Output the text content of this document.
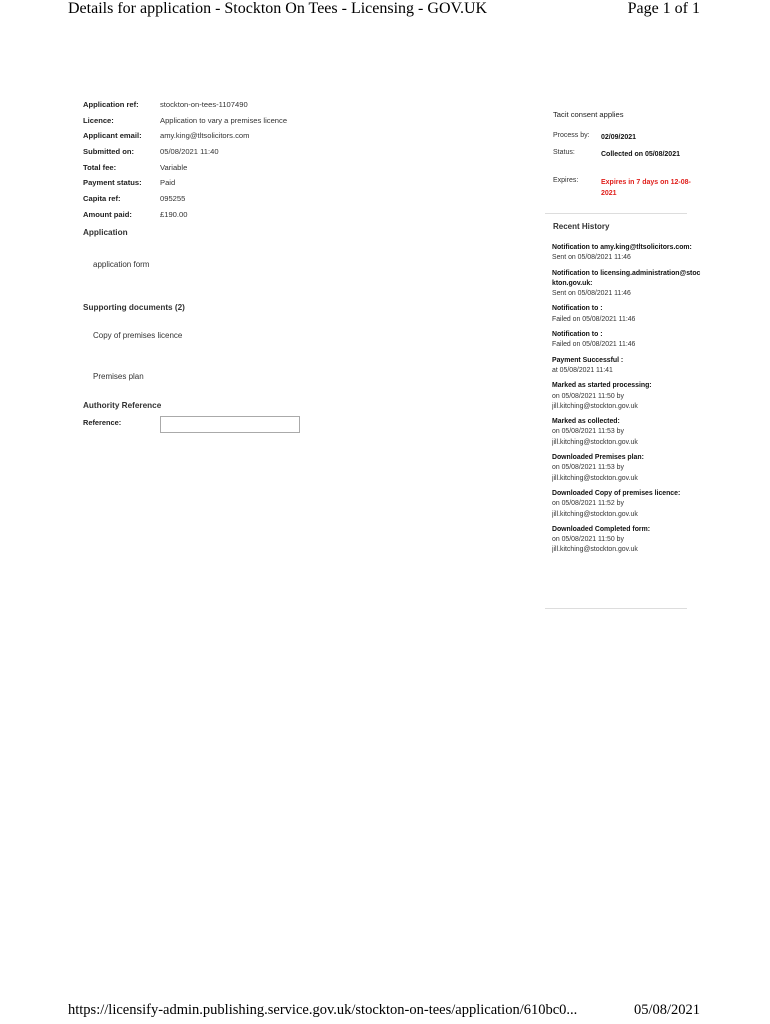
Details for application - Stockton On Tees - Licensing - GOV.UK	Page 1 of 1
Application ref:	stockton-on-tees-1107490
Licence:	Application to vary a premises licence
Applicant email: amy.king@tltsolicitors.com
Submitted on:	05/08/2021 11:40
Total fee:	Variable
Payment status: Paid
Capita ref:	095255
Amount paid:	£190.00
Application
application form
Supporting documents (2)
Copy of premises licence
Premises plan
Authority Reference
Reference:
Tacit consent applies
Process by: 02/09/2021
Status:	Collected on 05/08/2021
Expires:	Expires in 7 days on 12-08-2021
Recent History
Notification to amy.king@tltsolicitors.com:
Sent on 05/08/2021 11:46
Notification to licensing.administration@stockton.gov.uk:
Sent on 05/08/2021 11:46
Notification to :
Failed on 05/08/2021 11:46
Notification to :
Failed on 05/08/2021 11:46
Payment Successful :
at 05/08/2021 11:41
Marked as started processing:
on 05/08/2021 11:50 by
jill.kitching@stockton.gov.uk
Marked as collected:
on 05/08/2021 11:53 by
jill.kitching@stockton.gov.uk
Downloaded Premises plan:
on 05/08/2021 11:53 by
jill.kitching@stockton.gov.uk
Downloaded Copy of premises licence:
on 05/08/2021 11:52 by
jill.kitching@stockton.gov.uk
Downloaded Completed form:
on 05/08/2021 11:50 by
jill.kitching@stockton.gov.uk
https://licensify-admin.publishing.service.gov.uk/stockton-on-tees/application/610bc0...	05/08/2021
